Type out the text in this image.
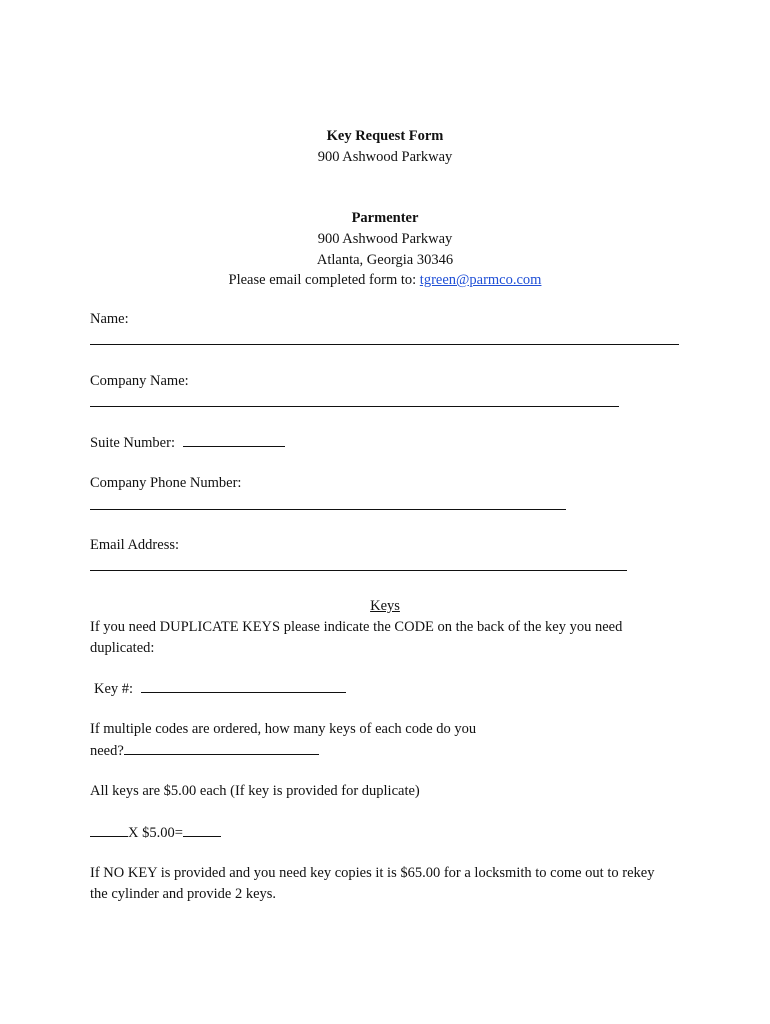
Key Request Form
900 Ashwood Parkway
Parmenter
900 Ashwood Parkway
Atlanta, Georgia 30346
Please email completed form to: tgreen@parmco.com
Name:
Company Name:
Suite Number:
Company Phone Number:
Email Address:
Keys
If you need DUPLICATE KEYS please indicate the CODE on the back of the key you need
duplicated:
Key #:
If multiple codes are ordered, how many keys of each code do you
need?
All keys are $5.00 each (If key is provided for duplicate)
X $5.00=
If NO KEY is provided and you need key copies it is $65.00 for a locksmith to come out to rekey
the cylinder and provide 2 keys.
